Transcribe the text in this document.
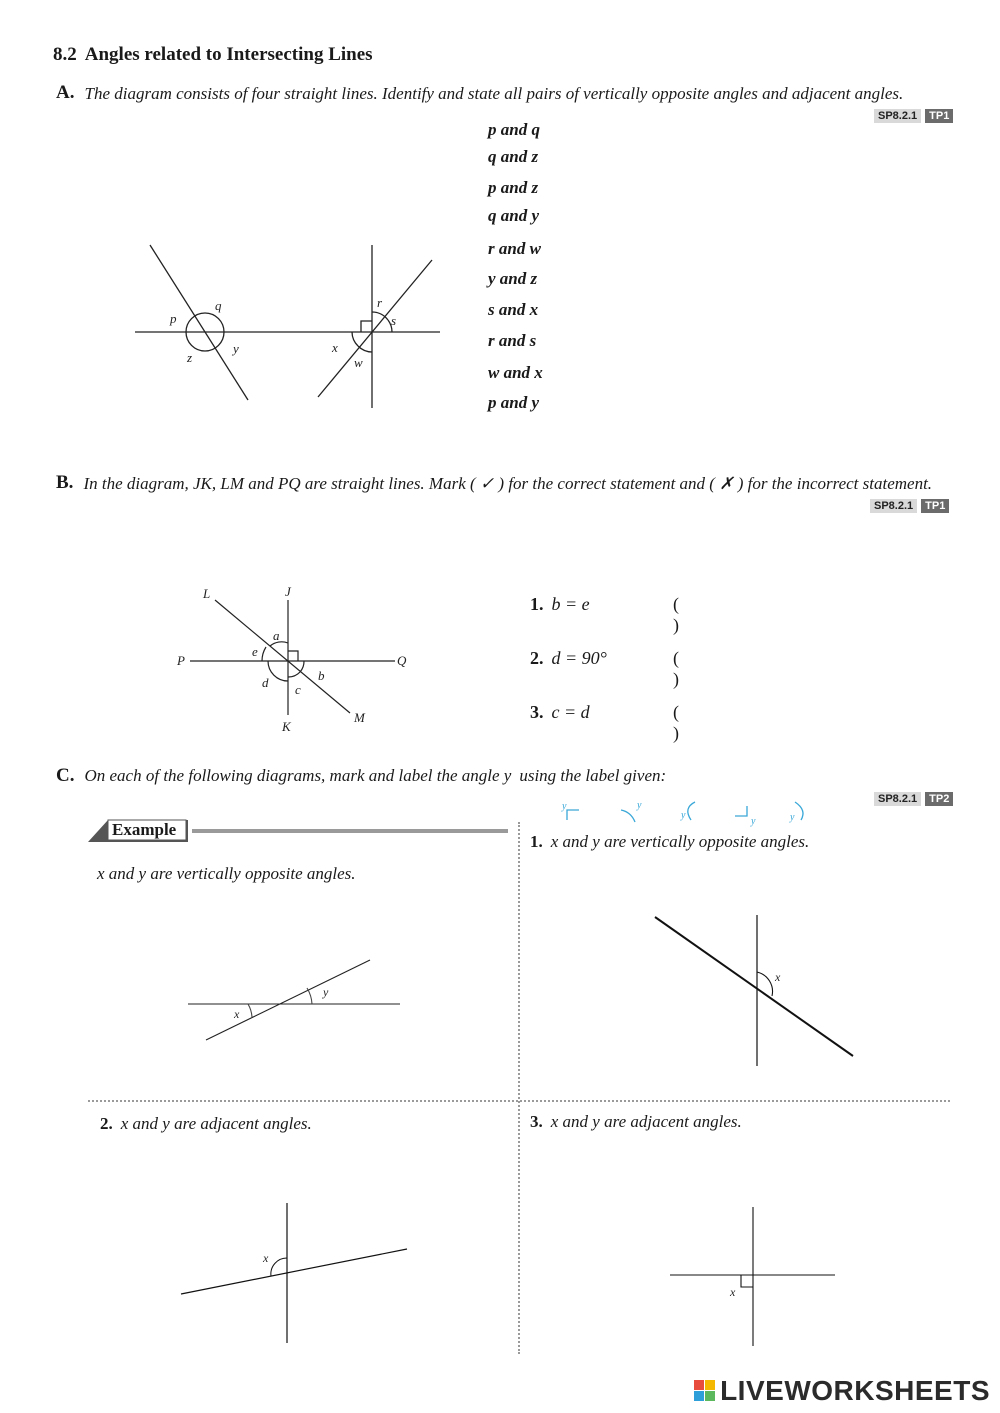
8.2 Angles related to Intersecting Lines
A. The diagram consists of four straight lines. Identify and state all pairs of vertically opposite angles and adjacent angles.
SP8.2.1 TP1
p and q
q and z
p and z
q and y
r and w
y and z
s and x
r and s
w and x
p and y
p
q
z
y
r
s
x
w
B. In the diagram, JK, LM and PQ are straight lines. Mark ( ✓ ) for the correct statement and ( ✗ ) for the incorrect statement.
SP8.2.1 TP1
L	J
P	Q
K
M
a
b
c
d
e
1. b = e	( )
2. d = 90°	( )
3. c = d	( )
C. On each of the following diagrams, mark and label the angle y using the label given:
SP8.2.1 TP2
y	y
y
y	y
Example
x and y are vertically opposite angles.
x
y
1. x and y are vertically opposite angles.
x
2. x and y are adjacent angles.
x
3. x and y are adjacent angles.
x
LIVEWORKSHEETS
